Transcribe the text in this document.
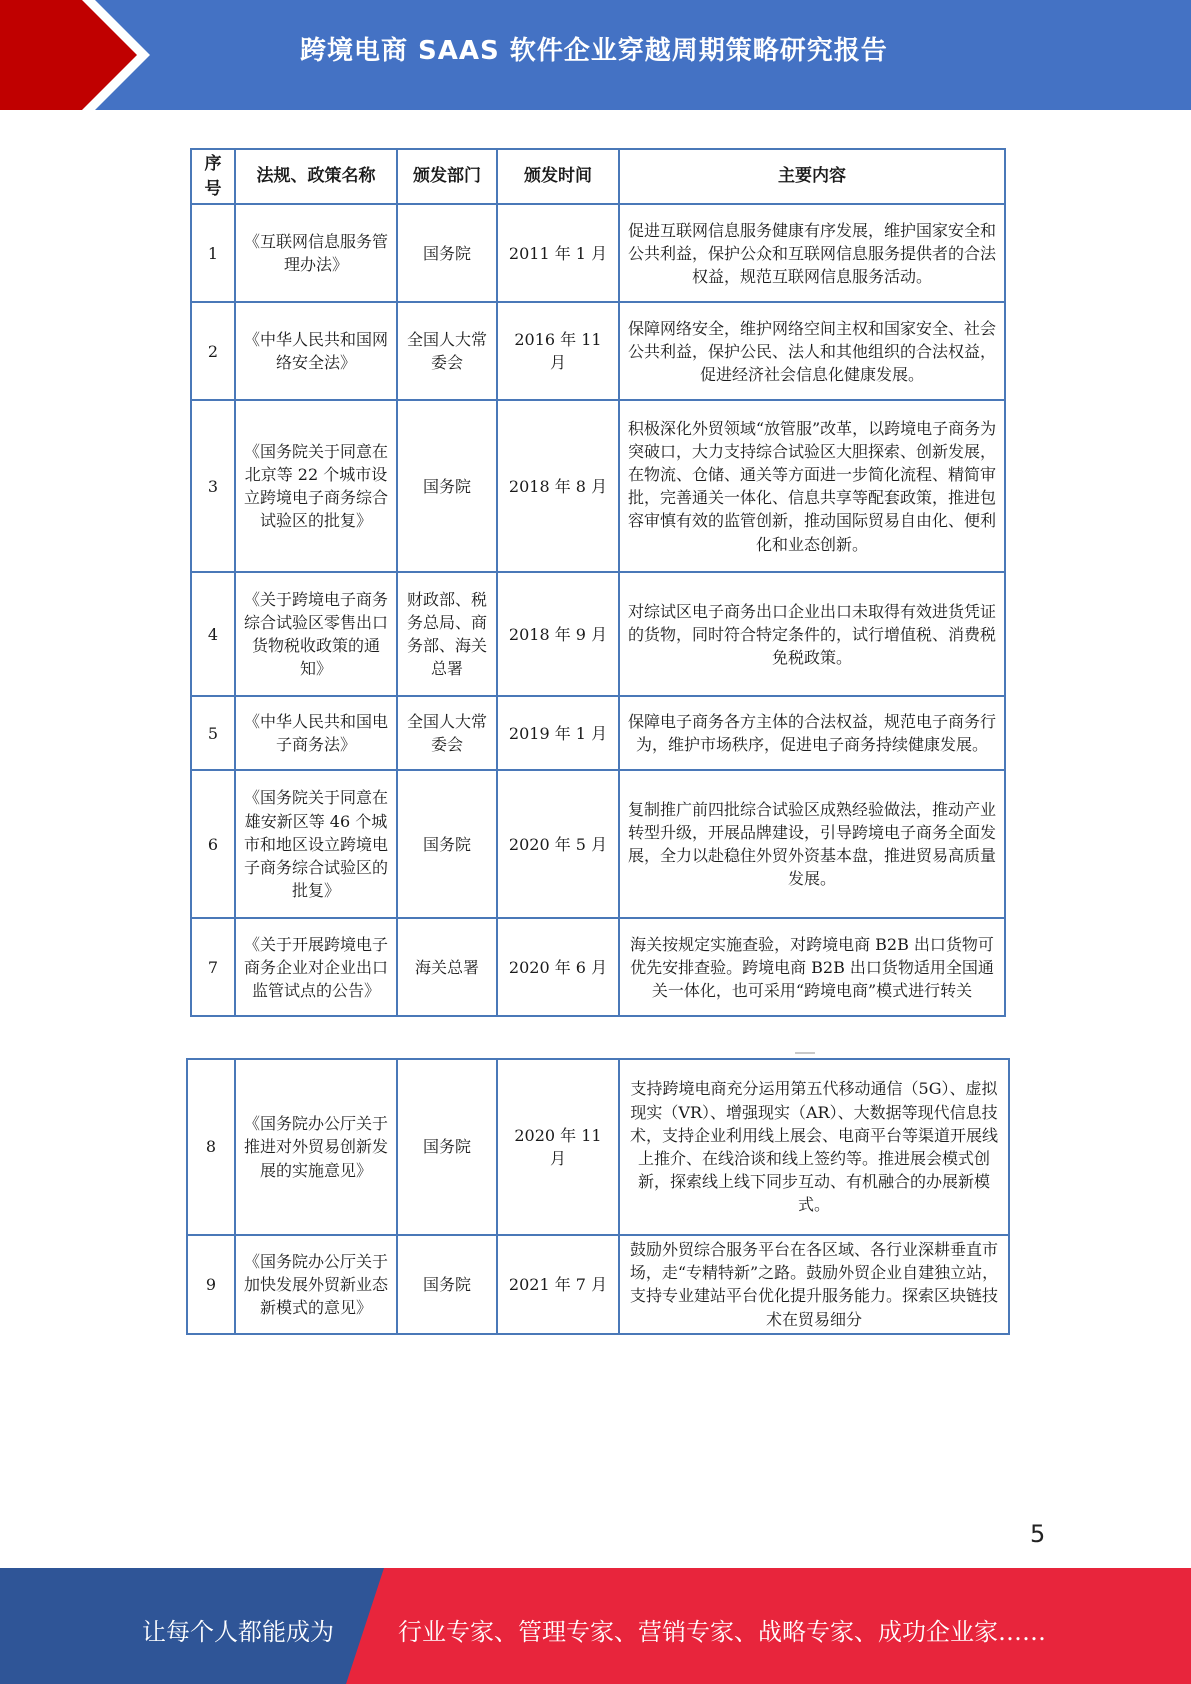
跨境电商 SAAS 软件企业穿越周期策略研究报告
序号	法规、政策名称	颁发部门	颁发时间	主要内容
1	《互联网信息服务管理办法》	国务院	2011 年 1 月	促进互联网信息服务健康有序发展，维护国家安全和公共利益，保护公众和互联网信息服务提供者的合法权益，规范互联网信息服务活动。
2	《中华人民共和国网络安全法》	全国人大常委会	2016 年 11 月	保障网络安全，维护网络空间主权和国家安全、社会公共利益，保护公民、法人和其他组织的合法权益，促进经济社会信息化健康发展。
3	《国务院关于同意在北京等 22 个城市设立跨境电子商务综合试验区的批复》	国务院	2018 年 8 月	积极深化外贸领域“放管服”改革，以跨境电子商务为突破口，大力支持综合试验区大胆探索、创新发展，在物流、仓储、通关等方面进一步简化流程、精简审批，完善通关一体化、信息共享等配套政策，推进包容审慎有效的监管创新，推动国际贸易自由化、便利化和业态创新。
4	《关于跨境电子商务综合试验区零售出口货物税收政策的通知》	财政部、税务总局、商务部、海关总署	2018 年 9 月	对综试区电子商务出口企业出口未取得有效进货凭证的货物，同时符合特定条件的，试行增值税、消费税免税政策。
5	《中华人民共和国电子商务法》	全国人大常委会	2019 年 1 月	保障电子商务各方主体的合法权益，规范电子商务行为，维护市场秩序，促进电子商务持续健康发展。
6	《国务院关于同意在雄安新区等 46 个城市和地区设立跨境电子商务综合试验区的批复》	国务院	2020 年 5 月	复制推广前四批综合试验区成熟经验做法，推动产业转型升级，开展品牌建设，引导跨境电子商务全面发展，全力以赴稳住外贸外资基本盘，推进贸易高质量发展。
7	《关于开展跨境电子商务企业对企业出口监管试点的公告》	海关总署	2020 年 6 月	海关按规定实施查验，对跨境电商 B2B 出口货物可优先安排查验。跨境电商 B2B 出口货物适用全国通关一体化，也可采用“跨境电商”模式进行转关
8	《国务院办公厅关于推进对外贸易创新发展的实施意见》	国务院	2020 年 11 月	支持跨境电商充分运用第五代移动通信（5G）、虚拟现实（VR）、增强现实（AR）、大数据等现代信息技术，支持企业利用线上展会、电商平台等渠道开展线上推介、在线洽谈和线上签约等。推进展会模式创新，探索线上线下同步互动、有机融合的办展新模式。
9	《国务院办公厅关于加快发展外贸新业态新模式的意见》	国务院	2021 年 7 月	鼓励外贸综合服务平台在各区域、各行业深耕垂直市场，走“专精特新”之路。鼓励外贸企业自建独立站，支持专业建站平台优化提升服务能力。探索区块链技术在贸易细分
5
让每个人都能成为	行业专家、管理专家、营销专家、战略专家、成功企业家……
